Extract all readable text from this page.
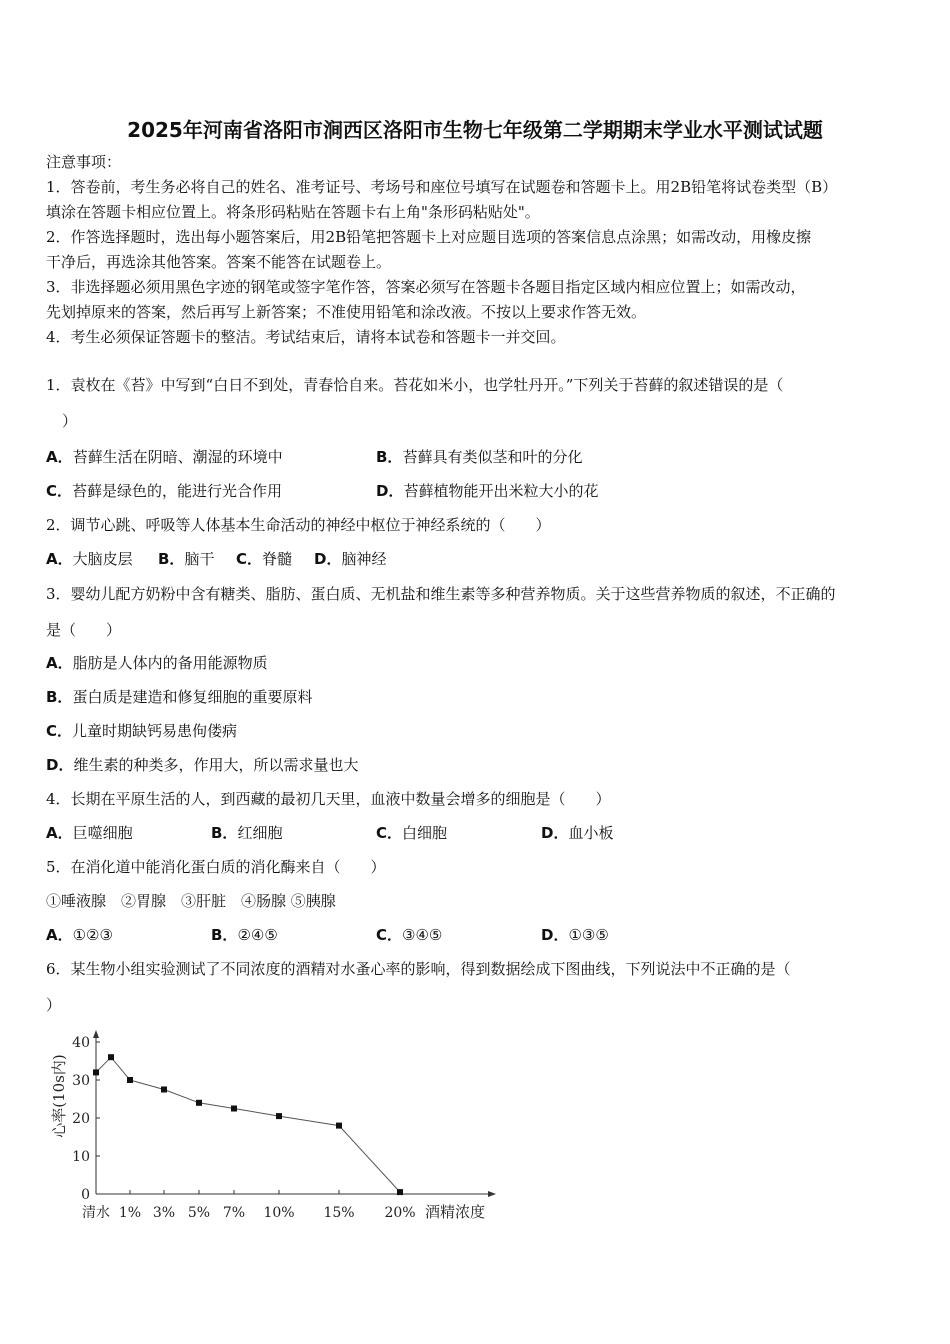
2025年河南省洛阳市涧西区洛阳市生物七年级第二学期期末学业水平测试试题
注意事项：
1．答卷前，考生务必将自己的姓名、准考证号、考场号和座位号填写在试题卷和答题卡上。用2B铅笔将试卷类型（B）
填涂在答题卡相应位置上。将条形码粘贴在答题卡右上角"条形码粘贴处"。
2．作答选择题时，选出每小题答案后，用2B铅笔把答题卡上对应题目选项的答案信息点涂黑；如需改动，用橡皮擦
干净后，再选涂其他答案。答案不能答在试题卷上。
3．非选择题必须用黑色字迹的钢笔或签字笔作答，答案必须写在答题卡各题目指定区域内相应位置上；如需改动，
先划掉原来的答案，然后再写上新答案；不准使用铅笔和涂改液。不按以上要求作答无效。
4．考生必须保证答题卡的整洁。考试结束后，请将本试卷和答题卡一并交回。
1．袁枚在《苔》中写到“白日不到处，青春恰自来。苔花如米小，也学牡丹开。”下列关于苔藓的叙述错误的是（
）
A．苔藓生活在阴暗、潮湿的环境中	B．苔藓具有类似茎和叶的分化
C．苔藓是绿色的，能进行光合作用	D．苔藓植物能开出米粒大小的花
2．调节心跳、呼吸等人体基本生命活动的神经中枢位于神经系统的（　　）
A．大脑皮层 B．脑干 C．脊髓 D．脑神经
3．婴幼儿配方奶粉中含有糖类、脂肪、蛋白质、无机盐和维生素等多种营养物质。关于这些营养物质的叙述，不正确的
是（　　）
A．脂肪是人体内的备用能源物质
B．蛋白质是建造和修复细胞的重要原料
C．儿童时期缺钙易患佝偻病
D．维生素的种类多，作用大，所以需求量也大
4．长期在平原生活的人，到西藏的最初几天里，血液中数量会增多的细胞是（　　）
A．巨噬细胞	B．红细胞	C．白细胞	D．血小板
5．在消化道中能消化蛋白质的消化酶来自（　　）
①唾液腺　②胃腺　③肝脏　④肠腺 ⑤胰腺
A．①②③	B．②④⑤	C．③④⑤	D．①③⑤
6．某生物小组实验测试了不同浓度的酒精对水蚤心率的影响，得到数据绘成下图曲线，下列说法中不正确的是（
）
心率(10s内)
0
10
20
30
40
清水 1% 3% 5% 7% 10% 15% 20% 酒精浓度
